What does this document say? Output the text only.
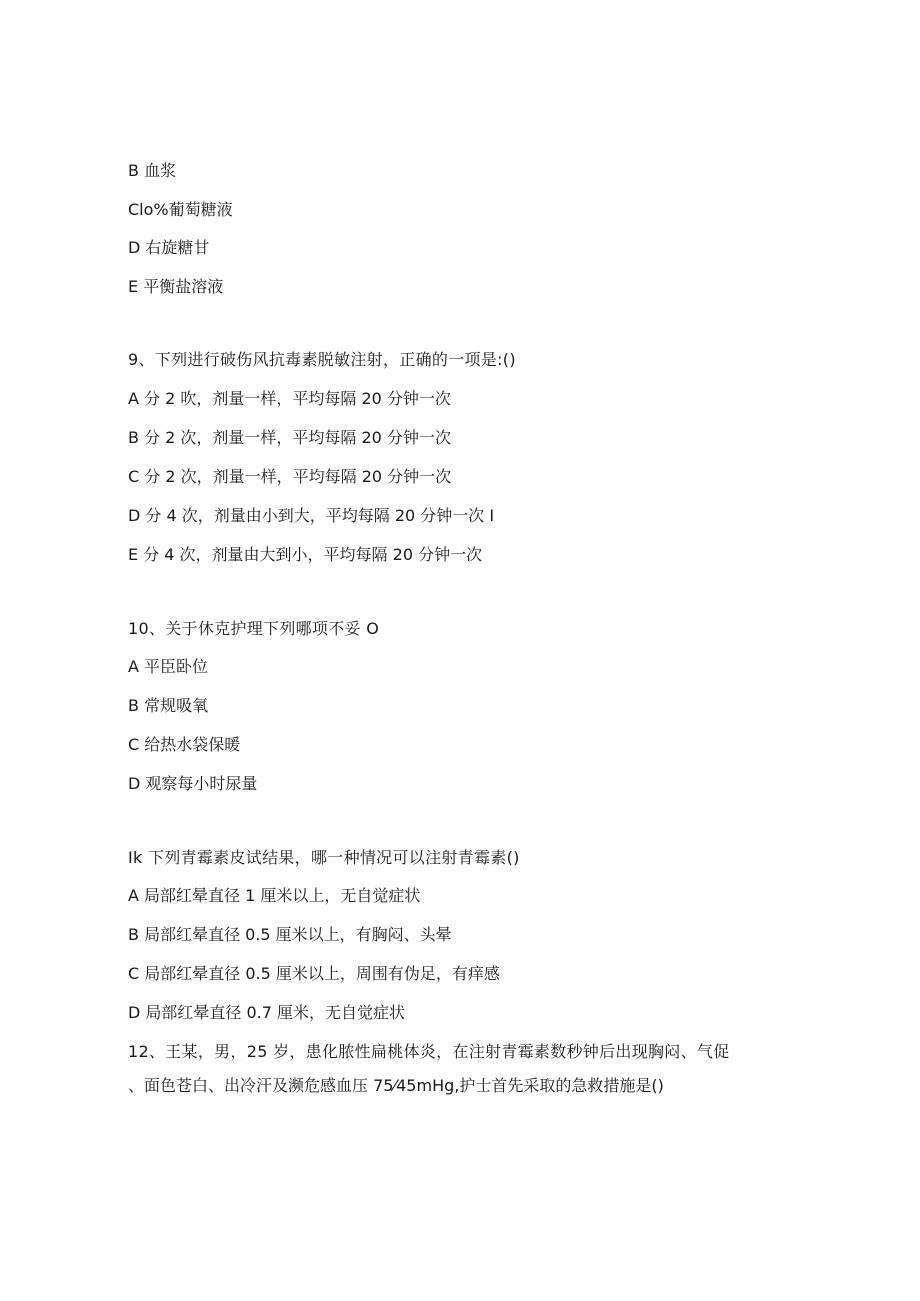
B 血浆
Clo%葡萄糖液
D 右旋糖甘
E 平衡盐溶液
9、下列进行破伤风抗毒素脱敏注射，正确的一项是:()
A 分 2 吹，剂量一样，平均每隔 20 分钟一次
B 分 2 次，剂量一样，平均每隔 20 分钟一次
C 分 2 次，剂量一样，平均每隔 20 分钟一次
D 分 4 次，剂量由小到大，平均每隔 20 分钟一次 I
E 分 4 次，剂量由大到小，平均每隔 20 分钟一次
10、关于休克护理下列哪项不妥 O
A 平臣卧位
B 常规吸氧
C 给热水袋保暖
D 观察每小时尿量
Ik 下列青霉素皮试结果，哪一种情况可以注射青霉素()
A 局部红晕直径 1 厘米以上，无自觉症状
B 局部红晕直径 0.5 厘米以上，有胸闷、头晕
C 局部红晕直径 0.5 厘米以上，周围有伪足，有痒感
D 局部红晕直径 0.7 厘米，无自觉症状
12、王某，男，25 岁，患化脓性扁桃体炎，在注射青霉素数秒钟后出现胸闷、气促
、面色苍白、出冷汗及濒危感血压 75⁄45mHg,护士首先采取的急救措施是()
